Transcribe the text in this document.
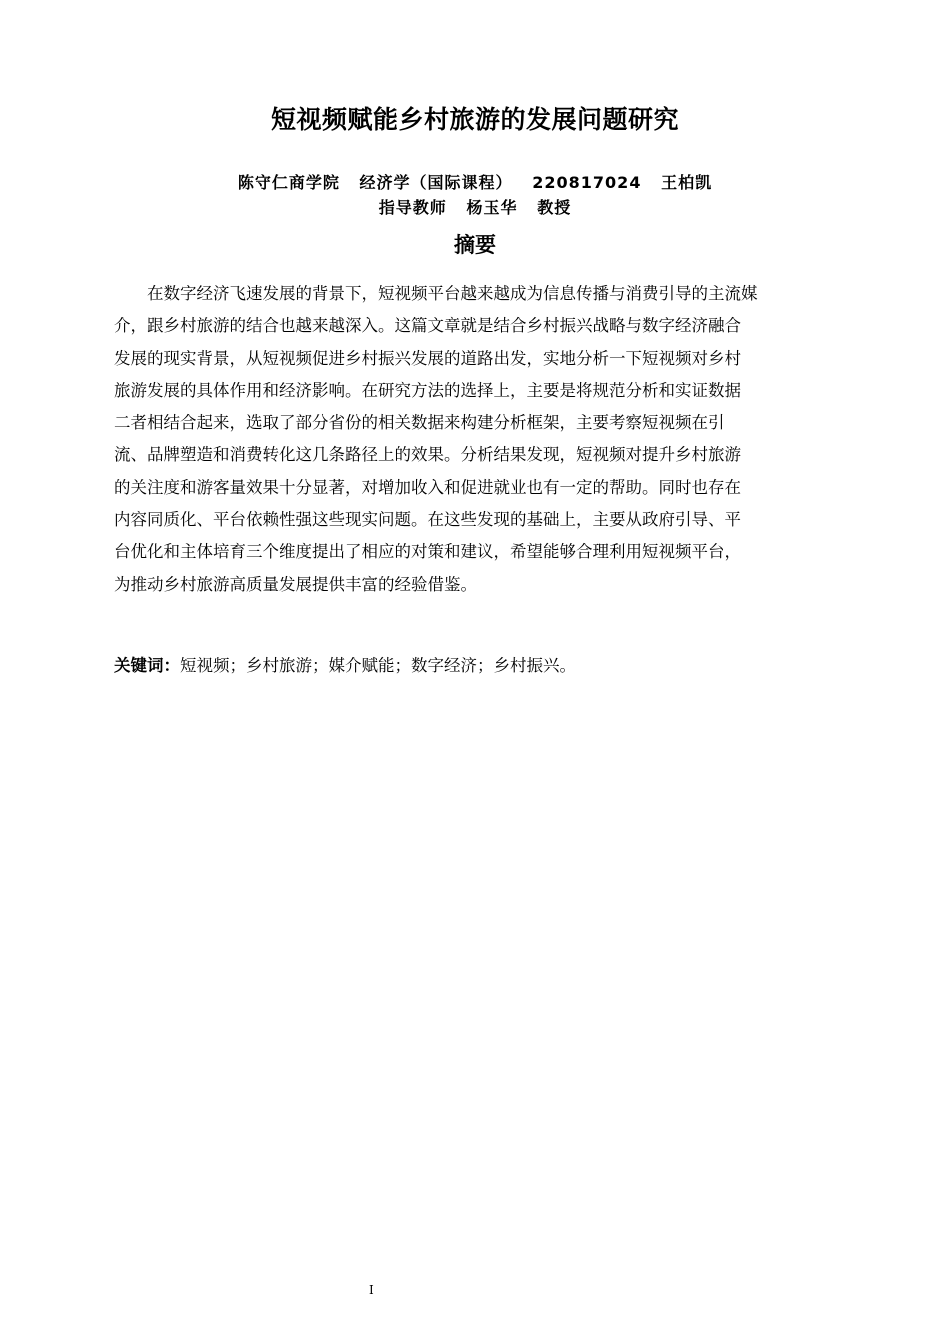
短视频赋能乡村旅游的发展问题研究
陈守仁商学院   经济学（国际课程）   220817024   王柏凯
指导教师   杨玉华   教授
摘要
在数字经济飞速发展的背景下，短视频平台越来越成为信息传播与消费引导的主流媒
介，跟乡村旅游的结合也越来越深入。这篇文章就是结合乡村振兴战略与数字经济融合
发展的现实背景，从短视频促进乡村振兴发展的道路出发，实地分析一下短视频对乡村
旅游发展的具体作用和经济影响。在研究方法的选择上，主要是将规范分析和实证数据
二者相结合起来，选取了部分省份的相关数据来构建分析框架，主要考察短视频在引
流、品牌塑造和消费转化这几条路径上的效果。分析结果发现，短视频对提升乡村旅游
的关注度和游客量效果十分显著，对增加收入和促进就业也有一定的帮助。同时也存在
内容同质化、平台依赖性强这些现实问题。在这些发现的基础上，主要从政府引导、平
台优化和主体培育三个维度提出了相应的对策和建议，希望能够合理利用短视频平台，
为推动乡村旅游高质量发展提供丰富的经验借鉴。
关键词：短视频；乡村旅游；媒介赋能；数字经济；乡村振兴。
I
